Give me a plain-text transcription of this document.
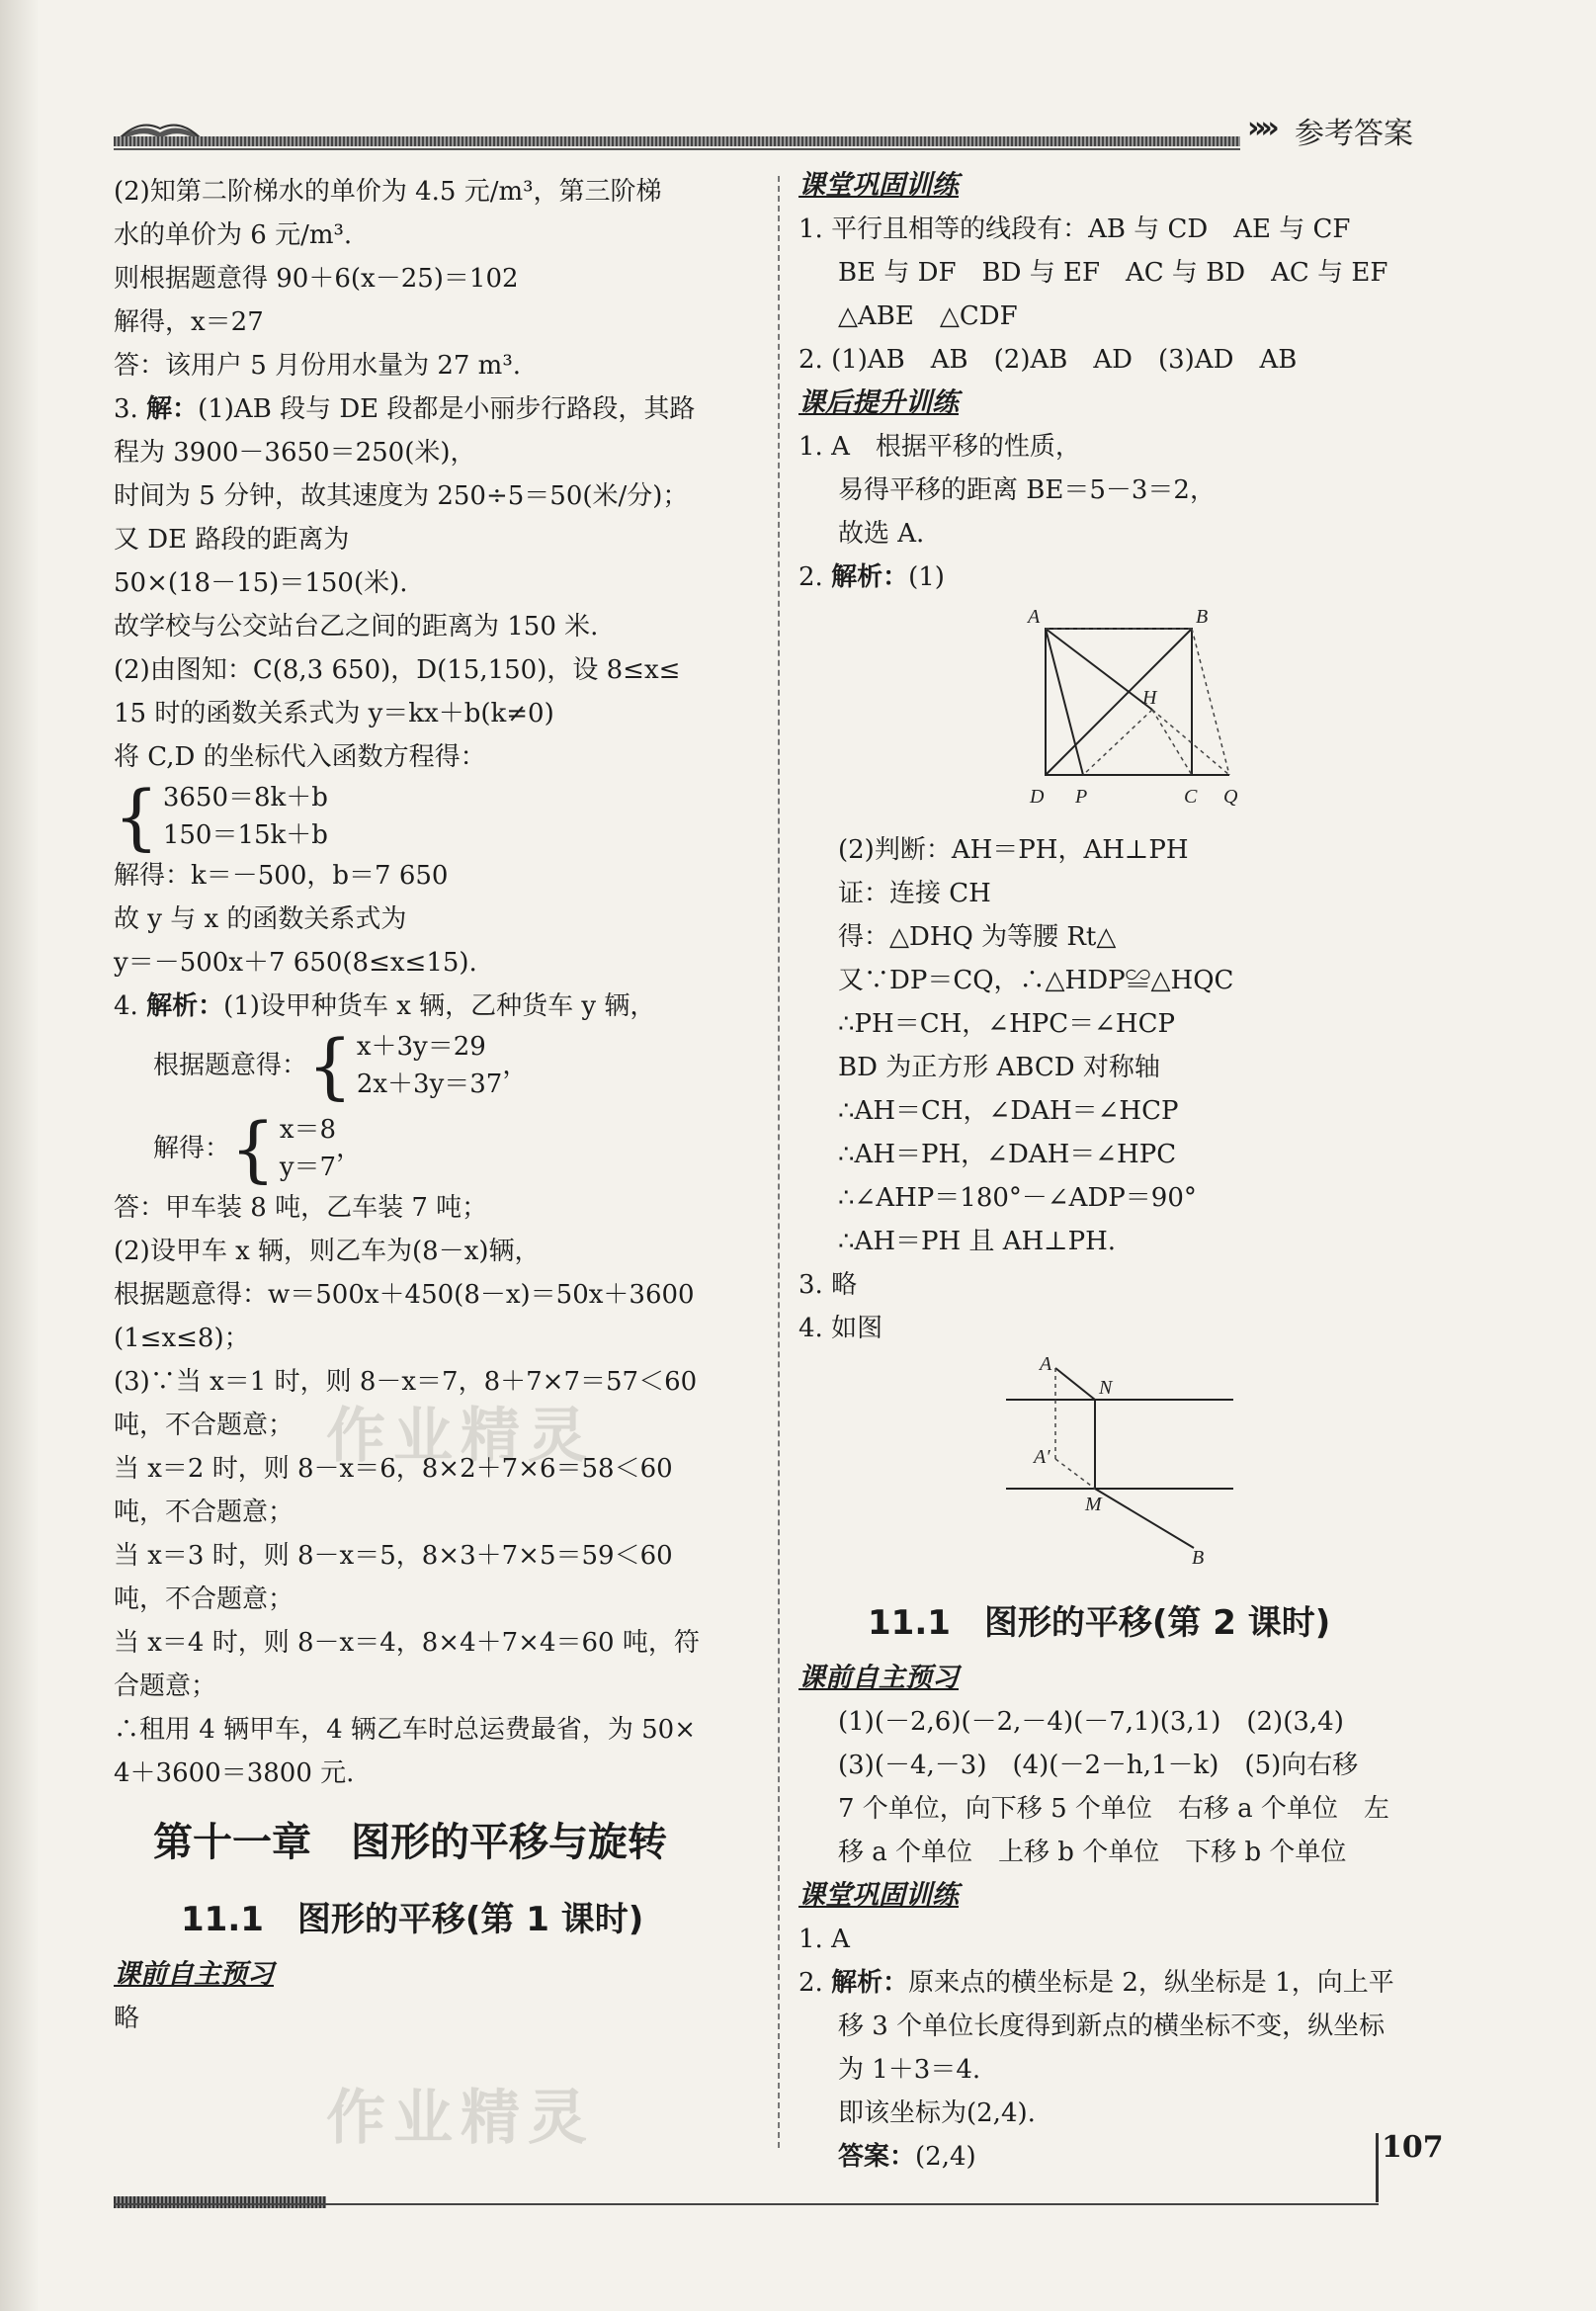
»» 参考答案
作业精灵
作业精灵
(2)知第二阶梯水的单价为 4.5 元/m³，第三阶梯
水的单价为 6 元/m³.
则根据题意得 90＋6(x－25)＝102
解得，x＝27
答：该用户 5 月份用水量为 27 m³.
3. 解：(1)AB 段与 DE 段都是小丽步行路段，其路
程为 3900－3650＝250(米)，
时间为 5 分钟，故其速度为 250÷5＝50(米/分)；
又 DE 路段的距离为
50×(18－15)＝150(米).
故学校与公交站台乙之间的距离为 150 米.
(2)由图知：C(8,3 650)，D(15,150)，设 8≤x≤
15 时的函数关系式为 y＝kx＋b(k≠0)
将 C,D 的坐标代入函数方程得：
{ 3650＝8k＋b
150＝15k＋b
解得：k＝－500，b＝7 650
故 y 与 x 的函数关系式为
y＝－500x＋7 650(8≤x≤15).
4. 解析：(1)设甲种货车 x 辆，乙种货车 y 辆，
根据题意得： { x＋3y＝29
2x＋3y＝37
，
解得： { x＝8
y＝7
，
答：甲车装 8 吨，乙车装 7 吨；
(2)设甲车 x 辆，则乙车为(8－x)辆，
根据题意得：w＝500x＋450(8－x)＝50x＋3600
(1≤x≤8)；
(3)∵当 x＝1 时，则 8－x＝7，8＋7×7＝57＜60
吨，不合题意；
当 x＝2 时，则 8－x＝6，8×2＋7×6＝58＜60
吨，不合题意；
当 x＝3 时，则 8－x＝5，8×3＋7×5＝59＜60
吨，不合题意；
当 x＝4 时，则 8－x＝4，8×4＋7×4＝60 吨，符
合题意；
∴租用 4 辆甲车，4 辆乙车时总运费最省，为 50×
4＋3600＝3800 元.
第十一章　图形的平移与旋转
11.1　图形的平移(第 1 课时)
课前自主预习
略
课堂巩固训练
1. 平行且相等的线段有：AB 与 CD　AE 与 CF
BE 与 DF　BD 与 EF　AC 与 BD　AC 与 EF
△ABE　△CDF
2. (1)AB　AB　(2)AB　AD　(3)AD　AB
课后提升训练
1. A　根据平移的性质，
易得平移的距离 BE＝5－3＝2，
故选 A.
2. 解析：(1)
A	B
H
D P	C Q
(2)判断：AH＝PH，AH⊥PH
证：连接 CH
得：△DHQ 为等腰 Rt△
又∵DP＝CQ，∴△HDP≌△HQC
∴PH＝CH，∠HPC＝∠HCP
BD 为正方形 ABCD 对称轴
∴AH＝CH，∠DAH＝∠HCP
∴AH＝PH，∠DAH＝∠HPC
∴∠AHP＝180°－∠ADP＝90°
∴AH＝PH 且 AH⊥PH.
3. 略
4. 如图
A
N
A′
M
B
11.1　图形的平移(第 2 课时)
课前自主预习
(1)(－2,6)(－2,－4)(－7,1)(3,1)　(2)(3,4)
(3)(－4,－3)　(4)(－2－h,1－k)　(5)向右移
7 个单位，向下移 5 个单位　右移 a 个单位　左
移 a 个单位　上移 b 个单位　下移 b 个单位
课堂巩固训练
1. A
2. 解析：原来点的横坐标是 2，纵坐标是 1，向上平
移 3 个单位长度得到新点的横坐标不变，纵坐标
为 1＋3＝4.
即该坐标为(2,4).
答案：(2,4)	107
